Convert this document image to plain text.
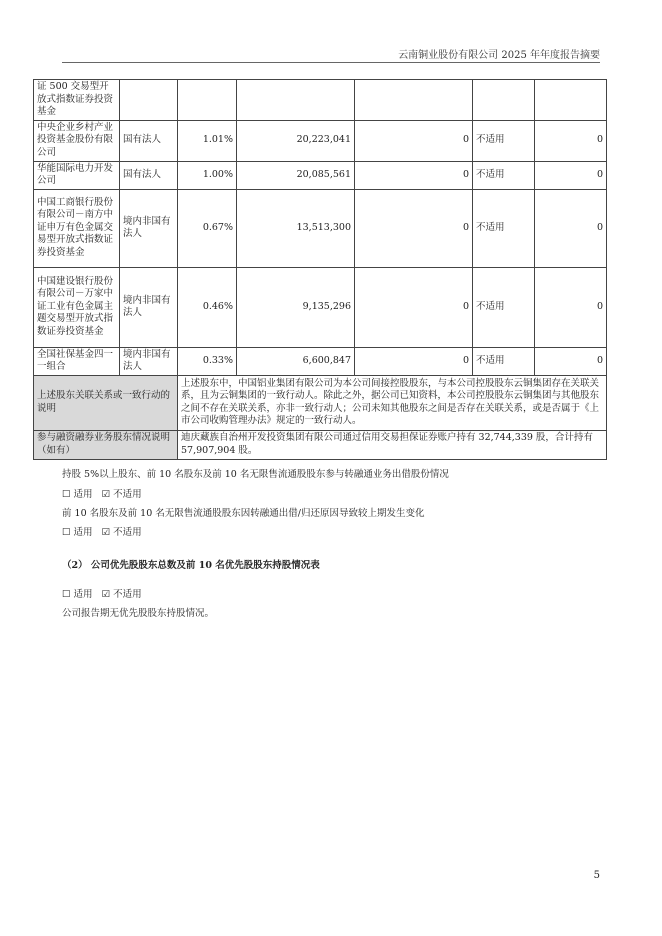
云南铜业股份有限公司 2025 年年度报告摘要
证 500 交易型开放式指数证券投资基金						
中央企业乡村产业投资基金股份有限公司	国有法人	1.01%	20,223,041	0	不适用	0
华能国际电力开发公司	国有法人	1.00%	20,085,561	0	不适用	0
中国工商银行股份有限公司－南方中证申万有色金属交易型开放式指数证券投资基金	境内非国有法人	0.67%	13,513,300	0	不适用	0
中国建设银行股份有限公司－万家中证工业有色金属主题交易型开放式指数证券投资基金	境内非国有法人	0.46%	9,135,296	0	不适用	0
全国社保基金四一一组合	境内非国有法人	0.33%	6,600,847	0	不适用	0
上述股东关联关系或一致行动的说明		上述股东中，中国铝业集团有限公司为本公司间接控股股东，与本公司控股股东云铜集团存在关联关系，且为云铜集团的一致行动人。除此之外，据公司已知资料，本公司控股股东云铜集团与其他股东之间不存在关联关系，亦非一致行动人；公司未知其他股东之间是否存在关联关系，或是否属于《上市公司收购管理办法》规定的一致行动人。				
参与融资融券业务股东情况说明（如有）		迪庆藏族自治州开发投资集团有限公司通过信用交易担保证券账户持有 32,744,339 股，合计持有 57,907,904 股。				
持股 5%以上股东、前 10 名股东及前 10 名无限售流通股股东参与转融通业务出借股份情况
☐ 适用 ☑ 不适用
前 10 名股东及前 10 名无限售流通股股东因转融通出借/归还原因导致较上期发生变化
☐ 适用 ☑ 不适用
（2） 公司优先股股东总数及前 10 名优先股股东持股情况表
☐ 适用 ☑ 不适用
公司报告期无优先股股东持股情况。
5
